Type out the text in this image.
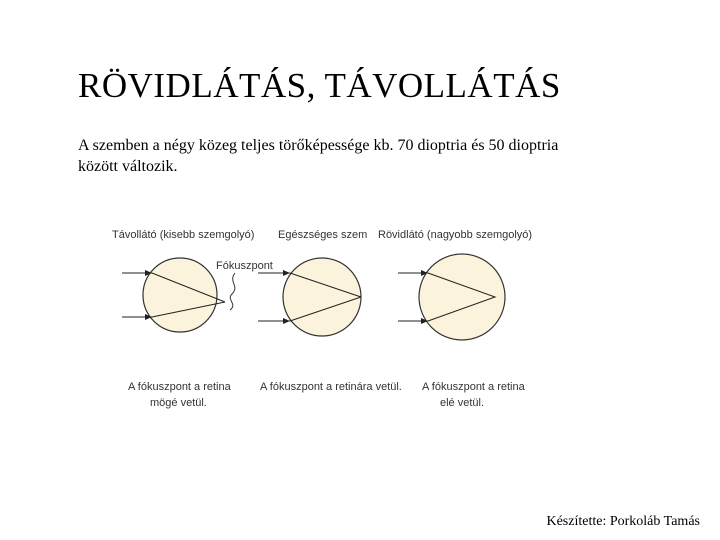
RÖVIDLÁTÁS, TÁVOLLÁTÁS
A szemben a négy közeg teljes törőképessége kb. 70 dioptria és 50 dioptria között változik.
Távollátó (kisebb szemgolyó)
Fókuszpont
A fókuszpont a retina
mögé vetül.
Egészséges szem
A fókuszpont a retinára vetül.
Rövidlátó (nagyobb szemgolyó)
A fókuszpont a retina
elé vetül.
Készítette: Porkoláb Tamás
